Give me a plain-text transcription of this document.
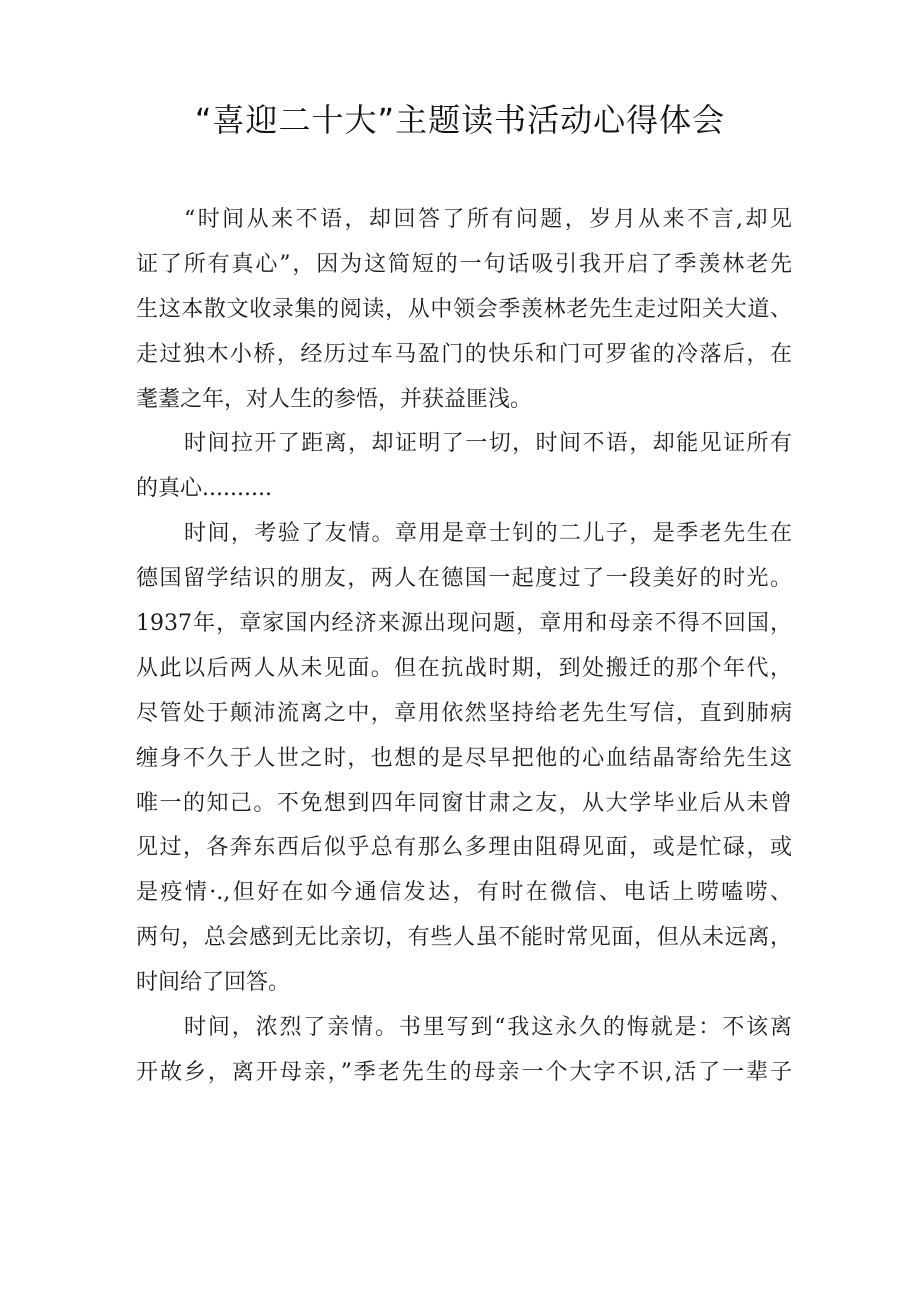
“喜迎二十大”主题读书活动心得体会
“时间从来不语，却回答了所有问题，岁月从来不言,却见
证了所有真心”，因为这简短的一句话吸引我开启了季羡林老先
生这本散文收录集的阅读，从中领会季羡林老先生走过阳关大道、
走过独木小桥，经历过车马盈门的快乐和门可罗雀的冷落后，在
耄耋之年，对人生的参悟，并获益匪浅。
时间拉开了距离，却证明了一切，时间不语，却能见证所有
的真心..........
时间，考验了友情。章用是章士钊的二儿子，是季老先生在
德国留学结识的朋友，两人在德国一起度过了一段美好的时光。
1937年，章家国内经济来源出现问题，章用和母亲不得不回国，
从此以后两人从未见面。但在抗战时期，到处搬迁的那个年代，
尽管处于颠沛流离之中，章用依然坚持给老先生写信，直到肺病
缠身不久于人世之时，也想的是尽早把他的心血结晶寄给先生这
唯一的知己。不免想到四年同窗甘肃之友，从大学毕业后从未曾
见过，各奔东西后似乎总有那么多理由阻碍见面，或是忙碌，或
是疫情·.,但好在如今通信发达，有时在微信、电话上唠嗑唠、
两句，总会感到无比亲切，有些人虽不能时常见面，但从未远离，
时间给了回答。
时间，浓烈了亲情。书里写到“我这永久的悔就是：不该离
开故乡，离开母亲，”季老先生的母亲一个大字不识,活了一辈子
